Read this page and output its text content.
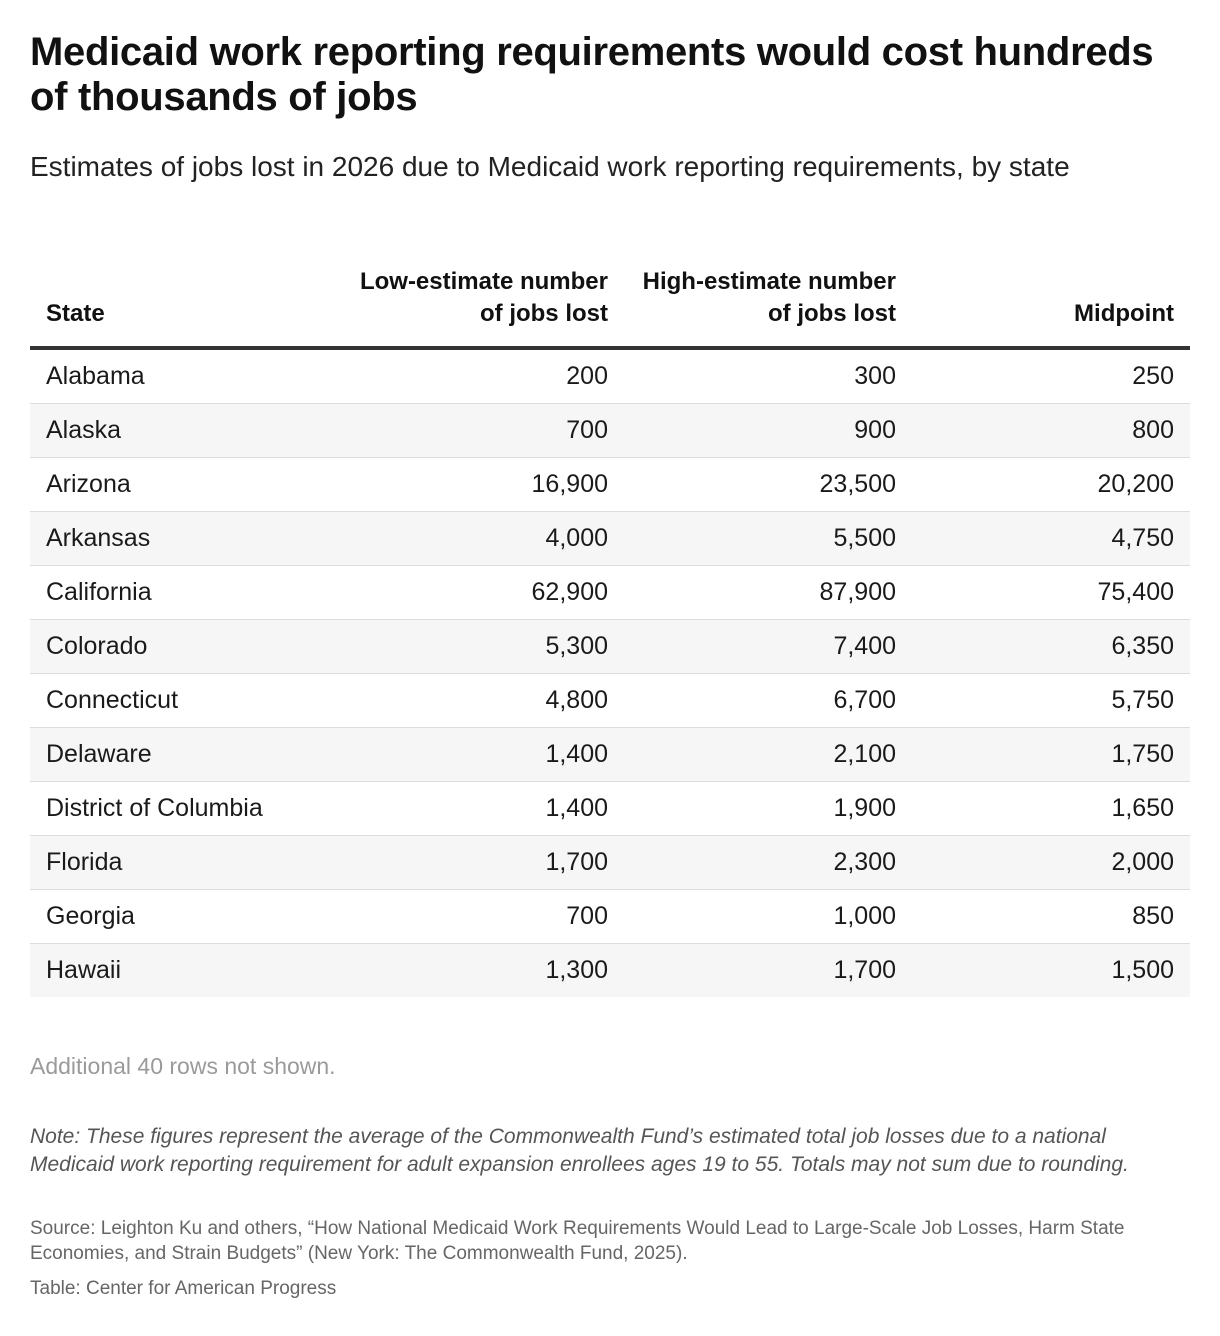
Medicaid work reporting requirements would cost hundreds of thousands of jobs
Estimates of jobs lost in 2026 due to Medicaid work reporting requirements, by state
State	Low-estimate number of jobs lost	High-estimate number of jobs lost	Midpoint
Alabama	200	300	250
Alaska	700	900	800
Arizona	16,900	23,500	20,200
Arkansas	4,000	5,500	4,750
California	62,900	87,900	75,400
Colorado	5,300	7,400	6,350
Connecticut	4,800	6,700	5,750
Delaware	1,400	2,100	1,750
District of Columbia	1,400	1,900	1,650
Florida	1,700	2,300	2,000
Georgia	700	1,000	850
Hawaii	1,300	1,700	1,500
Additional 40 rows not shown.
Note: These figures represent the average of the Commonwealth Fund’s estimated total job losses due to a national Medicaid work reporting requirement for adult expansion enrollees ages 19 to 55. Totals may not sum due to rounding.
Source: Leighton Ku and others, “How National Medicaid Work Requirements Would Lead to Large-Scale Job Losses, Harm State Economies, and Strain Budgets” (New York: The Commonwealth Fund, 2025).
Table: Center for American Progress
